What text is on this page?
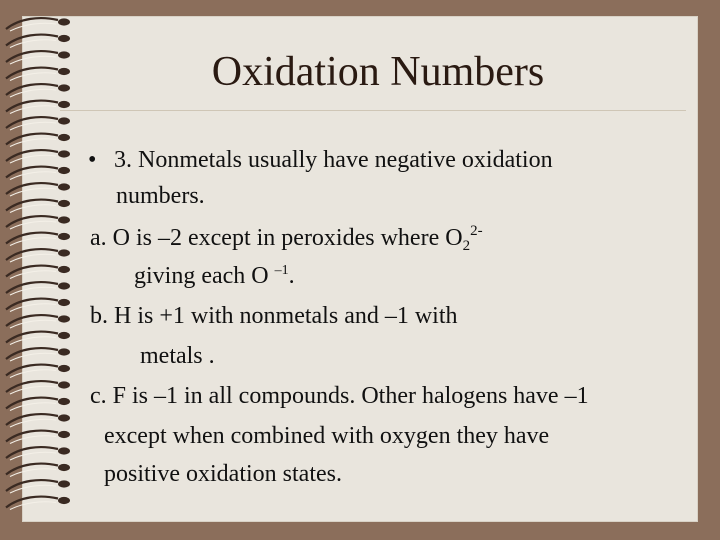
Oxidation Numbers
• 3. Nonmetals usually have negative oxidation
numbers.
a. O is –2 except in peroxides where $O_2^{2-}$
giving each O $^{-1}$.
b. H is +1 with nonmetals and –1 with
metals .
c. F is –1 in all compounds. Other halogens have –1
except when combined with oxygen they have
positive oxidation states.
